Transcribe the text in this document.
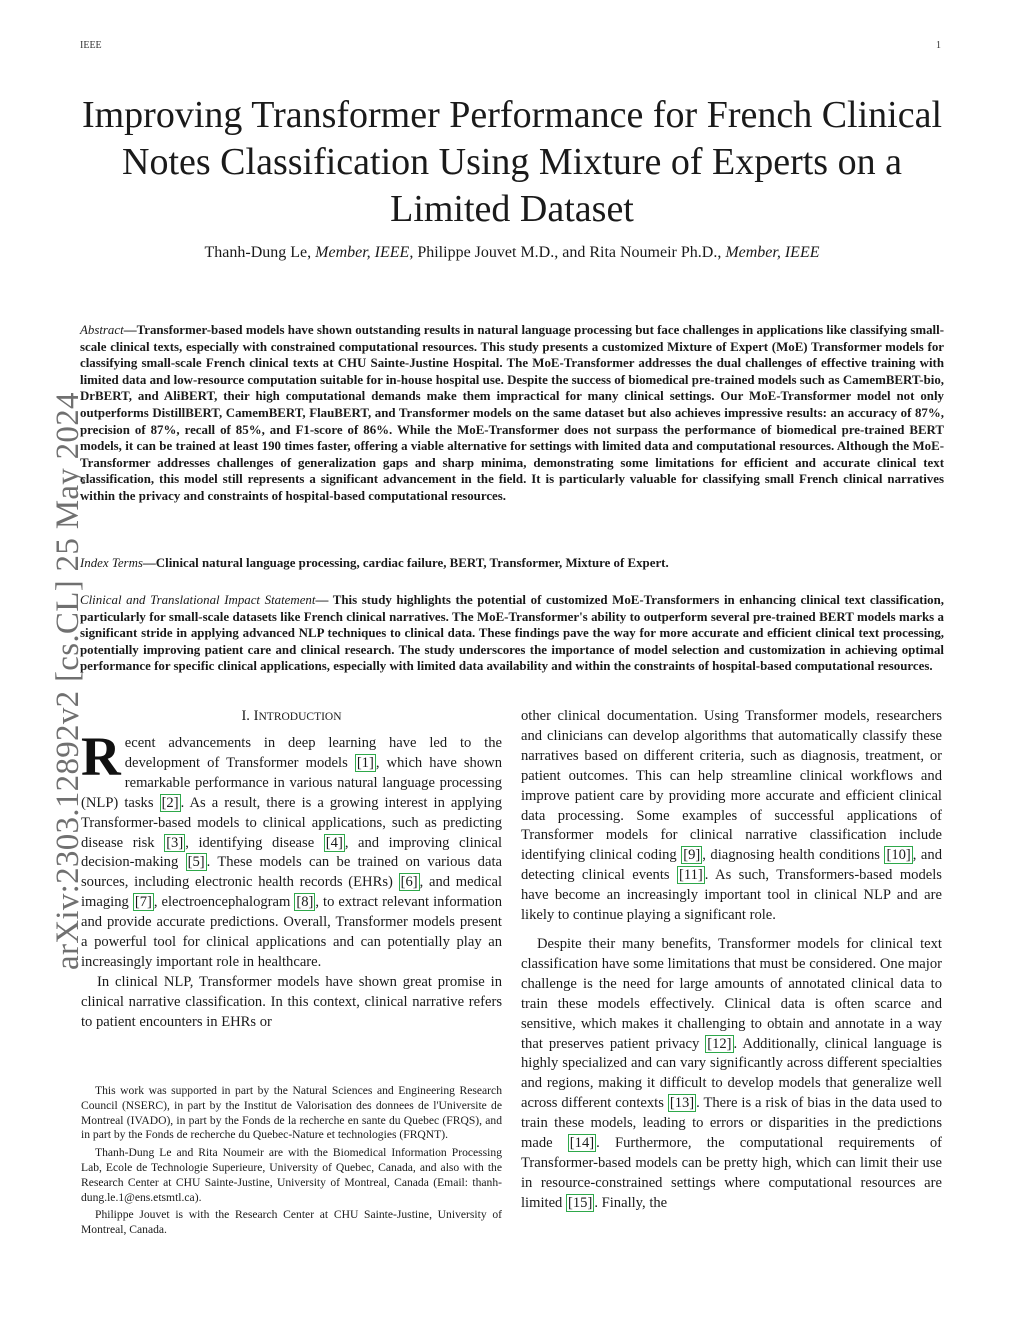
IEEE	1
arXiv:2303.12892v2 [cs.CL] 25 May 2024
Improving Transformer Performance for French Clinical Notes Classification Using Mixture of Experts on a Limited Dataset
Thanh-Dung Le, Member, IEEE, Philippe Jouvet M.D., and Rita Noumeir Ph.D., Member, IEEE

Abstract—Transformer-based models have shown outstanding results in natural language processing but face challenges in applications like classifying small-scale clinical texts, especially with constrained computational resources. This study presents a customized Mixture of Expert (MoE) Transformer models for classifying small-scale French clinical texts at CHU Sainte-Justine Hospital. The MoE-Transformer addresses the dual challenges of effective training with limited data and low-resource computation suitable for in-house hospital use. Despite the success of biomedical pre-trained models such as CamemBERT-bio, DrBERT, and AliBERT, their high computational demands make them impractical for many clinical settings. Our MoE-Transformer model not only outperforms DistillBERT, CamemBERT, FlauBERT, and Transformer models on the same dataset but also achieves impressive results: an accuracy of 87%, precision of 87%, recall of 85%, and F1-score of 86%. While the MoE-Transformer does not surpass the performance of biomedical pre-trained BERT models, it can be trained at least 190 times faster, offering a viable alternative for settings with limited data and computational resources. Although the MoE-Transformer addresses challenges of generalization gaps and sharp minima, demonstrating some limitations for efficient and accurate clinical text classification, this model still represents a significant advancement in the field. It is particularly valuable for classifying small French clinical narratives within the privacy and constraints of hospital-based computational resources.

Index Terms—Clinical natural language processing, cardiac failure, BERT, Transformer, Mixture of Expert.

Clinical and Translational Impact Statement— This study highlights the potential of customized MoE-Transformers in enhancing clinical text classification, particularly for small-scale datasets like French clinical narratives. The MoE-Transformer's ability to outperform several pre-trained BERT models marks a significant stride in applying advanced NLP techniques to clinical data. These findings pave the way for more accurate and efficient clinical text processing, potentially improving patient care and clinical research. The study underscores the importance of model selection and customization in achieving optimal performance for specific clinical applications, especially with limited data availability and within the constraints of hospital-based computational resources.

I. INTRODUCTION

Recent advancements in deep learning have led to the development of Transformer models [1] , which have shown remarkable performance in various natural language processing (NLP) tasks [2] . As a result, there is a growing interest in applying Transformer-based models to clinical applications, such as predicting disease risk [3] , identifying disease [4] , and improving clinical decision-making [5] . These models can be trained on various data sources, including electronic health records (EHRs) [6] , and medical imaging [7] , electroencephalogram [8] , to extract relevant information and provide accurate predictions. Overall, Transformer models present a powerful tool for clinical applications and can potentially play an increasingly important role in healthcare.

In clinical NLP, Transformer models have shown great promise in clinical narrative classification. In this context, clinical narrative refers to patient encounters in EHRs or

This work was supported in part by the Natural Sciences and Engineering Research Council (NSERC), in part by the Institut de Valorisation des donnees de l'Universite de Montreal (IVADO), in part by the Fonds de la recherche en sante du Quebec (FRQS), and in part by the Fonds de recherche du Quebec-Nature et technologies (FRQNT).

Thanh-Dung Le and Rita Noumeir are with the Biomedical Information Processing Lab, Ecole de Technologie Superieure, University of Quebec, Canada, and also with the Research Center at CHU Sainte-Justine, University of Montreal, Canada (Email: thanh-dung.le.1@ens.etsmtl.ca).

Philippe Jouvet is with the Research Center at CHU Sainte-Justine, University of Montreal, Canada.

other clinical documentation. Using Transformer models, researchers and clinicians can develop algorithms that automatically classify these narratives based on different criteria, such as diagnosis, treatment, or patient outcomes. This can help streamline clinical workflows and improve patient care by providing more accurate and efficient clinical data processing. Some examples of successful applications of Transformer models for clinical narrative classification include identifying clinical coding [9] , diagnosing health conditions [10] , and detecting clinical events [11] . As such, Transformers-based models have become an increasingly important tool in clinical NLP and are likely to continue playing a significant role.

Despite their many benefits, Transformer models for clinical text classification have some limitations that must be considered. One major challenge is the need for large amounts of annotated clinical data to train these models effectively. Clinical data is often scarce and sensitive, which makes it challenging to obtain and annotate in a way that preserves patient privacy [12] . Additionally, clinical language is highly specialized and can vary significantly across different specialties and regions, making it difficult to develop models that generalize well across different contexts [13] . There is a risk of bias in the data used to train these models, leading to errors or disparities in the predictions made [14] . Furthermore, the computational requirements of Transformer-based models can be pretty high, which can limit their use in resource-constrained settings where computational resources are limited [15] . Finally, the
